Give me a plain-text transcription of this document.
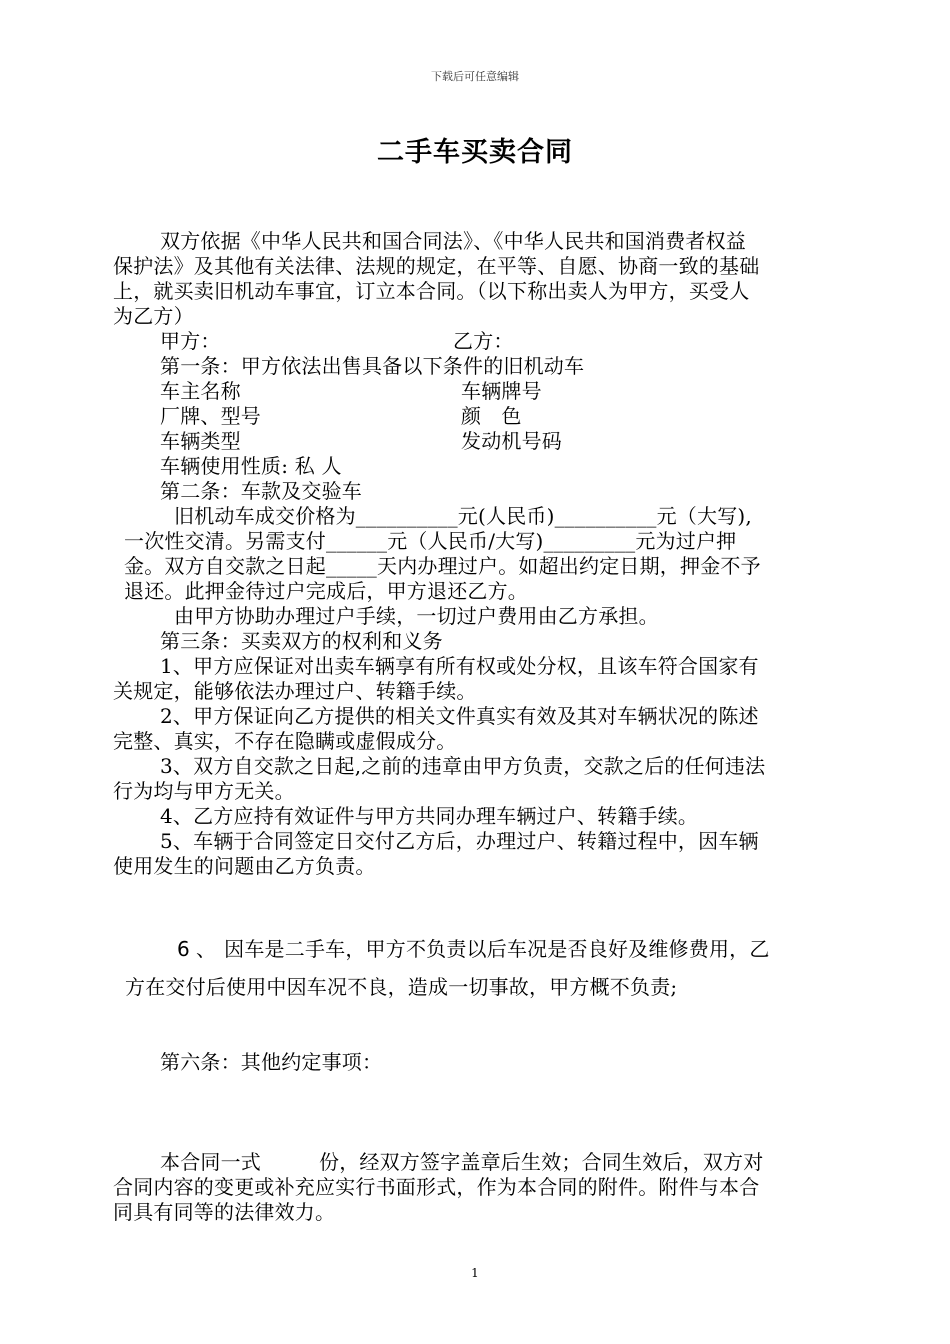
下载后可任意编辑
二手车买卖合同
双方依据《中华人民共和国合同法》、《中华人民共和国消费者权益
保护法》及其他有关法律、法规的规定，在平等、自愿、协商一致的基础
上，就买卖旧机动车事宜，订立本合同。（以下称出卖人为甲方，买受人
为乙方）
甲方：	乙方：
第一条：甲方依法出售具备以下条件的旧机动车
车主名称	车辆牌号
厂牌、型号	颜　色
车辆类型	发动机号码
车辆使用性质: 私 人
第二条：车款及交验车
旧机动车成交价格为__________元(人民币)__________元（大写),
一次性交清。另需支付______元（人民币/大写)_________元为过户押
金。双方自交款之日起_____天内办理过户。如超出约定日期，押金不予
退还。此押金待过户完成后，甲方退还乙方。
由甲方协助办理过户手续，一切过户费用由乙方承担。
第三条：买卖双方的权利和义务
1、甲方应保证对出卖车辆享有所有权或处分权，且该车符合国家有
关规定，能够依法办理过户、转籍手续。
2、甲方保证向乙方提供的相关文件真实有效及其对车辆状况的陈述
完整、真实，不存在隐瞒或虚假成分。
3、双方自交款之日起,之前的违章由甲方负责，交款之后的任何违法
行为均与甲方无关。
4、乙方应持有效证件与甲方共同办理车辆过户、转籍手续。
5、车辆于合同签定日交付乙方后，办理过户、转籍过程中，因车辆
使用发生的问题由乙方负责。
6 、 因车是二手车，甲方不负责以后车况是否良好及维修费用，乙
方在交付后使用中因车况不良，造成一切事故，甲方概不负责;
第六条：其他约定事项：
本合同一式	份，经双方签字盖章后生效；合同生效后，双方对
合同内容的变更或补充应实行书面形式，作为本合同的附件。附件与本合
同具有同等的法律效力。
1
